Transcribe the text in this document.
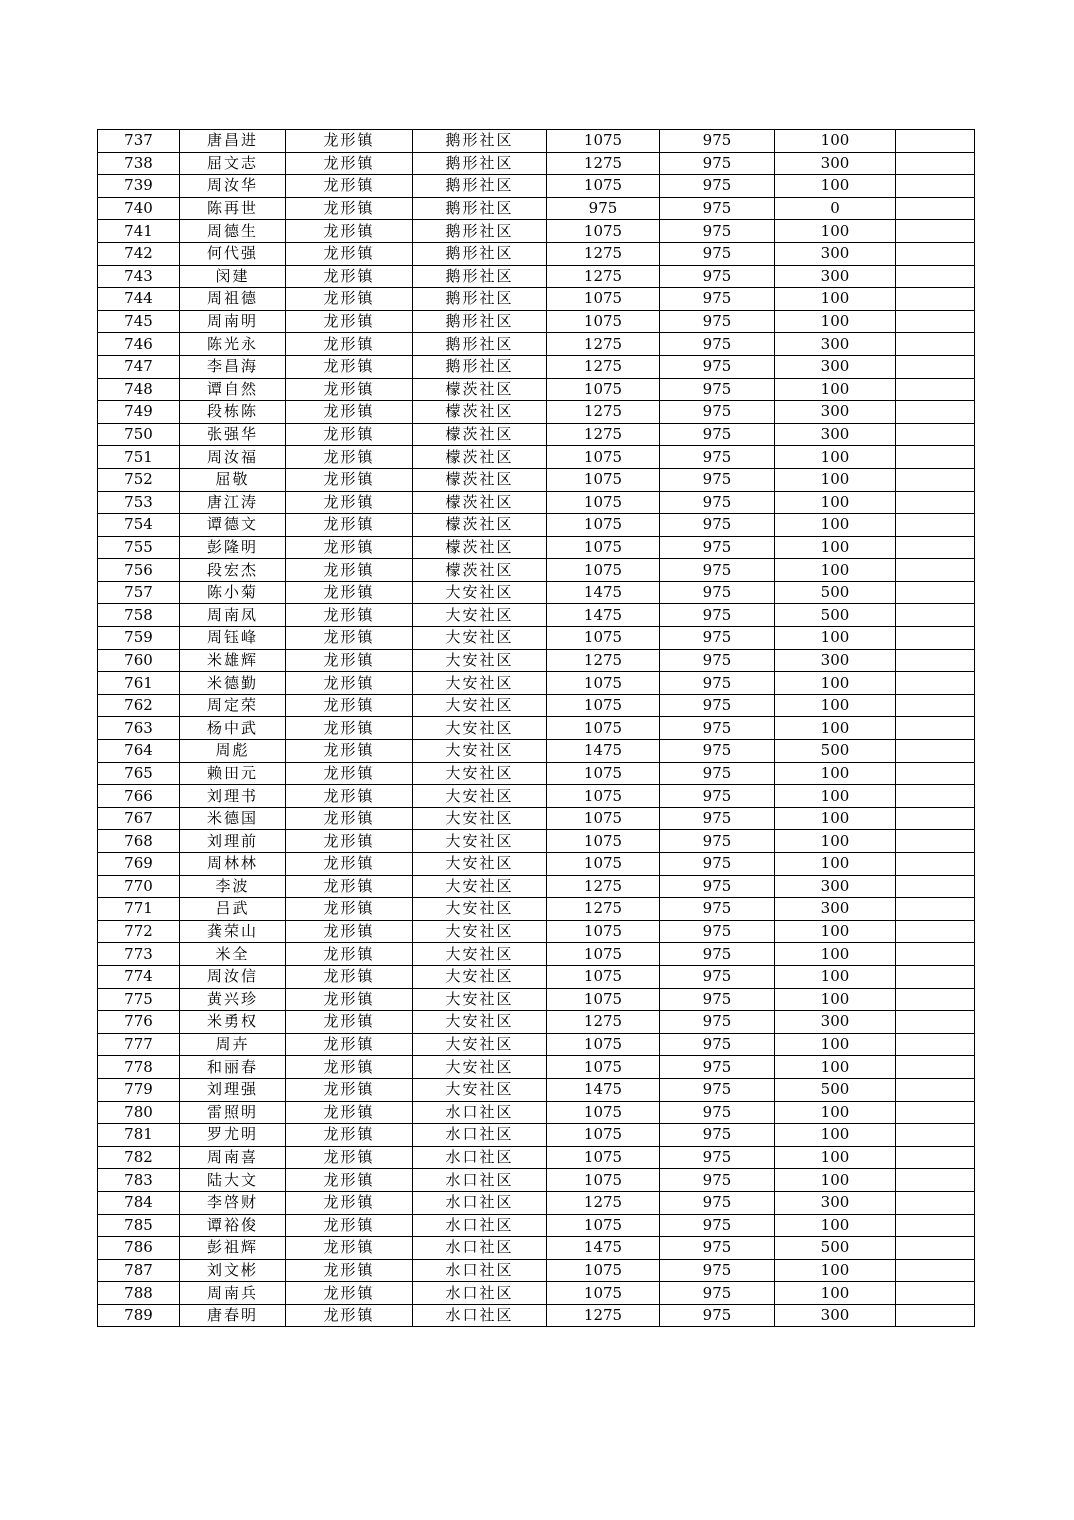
737	唐昌进	龙形镇	鹅形社区	1075	975	100	
738	屈文志	龙形镇	鹅形社区	1275	975	300	
739	周汝华	龙形镇	鹅形社区	1075	975	100	
740	陈再世	龙形镇	鹅形社区	975	975	0	
741	周德生	龙形镇	鹅形社区	1075	975	100	
742	何代强	龙形镇	鹅形社区	1275	975	300	
743	闵建	龙形镇	鹅形社区	1275	975	300	
744	周祖德	龙形镇	鹅形社区	1075	975	100	
745	周南明	龙形镇	鹅形社区	1075	975	100	
746	陈光永	龙形镇	鹅形社区	1275	975	300	
747	李昌海	龙形镇	鹅形社区	1275	975	300	
748	谭自然	龙形镇	檬茨社区	1075	975	100	
749	段栋陈	龙形镇	檬茨社区	1275	975	300	
750	张强华	龙形镇	檬茨社区	1275	975	300	
751	周汝福	龙形镇	檬茨社区	1075	975	100	
752	屈敬	龙形镇	檬茨社区	1075	975	100	
753	唐江涛	龙形镇	檬茨社区	1075	975	100	
754	谭德文	龙形镇	檬茨社区	1075	975	100	
755	彭隆明	龙形镇	檬茨社区	1075	975	100	
756	段宏杰	龙形镇	檬茨社区	1075	975	100	
757	陈小菊	龙形镇	大安社区	1475	975	500	
758	周南凤	龙形镇	大安社区	1475	975	500	
759	周钰峰	龙形镇	大安社区	1075	975	100	
760	米雄辉	龙形镇	大安社区	1275	975	300	
761	米德勤	龙形镇	大安社区	1075	975	100	
762	周定荣	龙形镇	大安社区	1075	975	100	
763	杨中武	龙形镇	大安社区	1075	975	100	
764	周彪	龙形镇	大安社区	1475	975	500	
765	赖田元	龙形镇	大安社区	1075	975	100	
766	刘理书	龙形镇	大安社区	1075	975	100	
767	米德国	龙形镇	大安社区	1075	975	100	
768	刘理前	龙形镇	大安社区	1075	975	100	
769	周林林	龙形镇	大安社区	1075	975	100	
770	李波	龙形镇	大安社区	1275	975	300	
771	吕武	龙形镇	大安社区	1275	975	300	
772	龚荣山	龙形镇	大安社区	1075	975	100	
773	米全	龙形镇	大安社区	1075	975	100	
774	周汝信	龙形镇	大安社区	1075	975	100	
775	黄兴珍	龙形镇	大安社区	1075	975	100	
776	米勇权	龙形镇	大安社区	1275	975	300	
777	周卉	龙形镇	大安社区	1075	975	100	
778	和丽春	龙形镇	大安社区	1075	975	100	
779	刘理强	龙形镇	大安社区	1475	975	500	
780	雷照明	龙形镇	水口社区	1075	975	100	
781	罗尤明	龙形镇	水口社区	1075	975	100	
782	周南喜	龙形镇	水口社区	1075	975	100	
783	陆大文	龙形镇	水口社区	1075	975	100	
784	李啓财	龙形镇	水口社区	1275	975	300	
785	谭裕俊	龙形镇	水口社区	1075	975	100	
786	彭祖辉	龙形镇	水口社区	1475	975	500	
787	刘文彬	龙形镇	水口社区	1075	975	100	
788	周南兵	龙形镇	水口社区	1075	975	100	
789	唐春明	龙形镇	水口社区	1275	975	300	
